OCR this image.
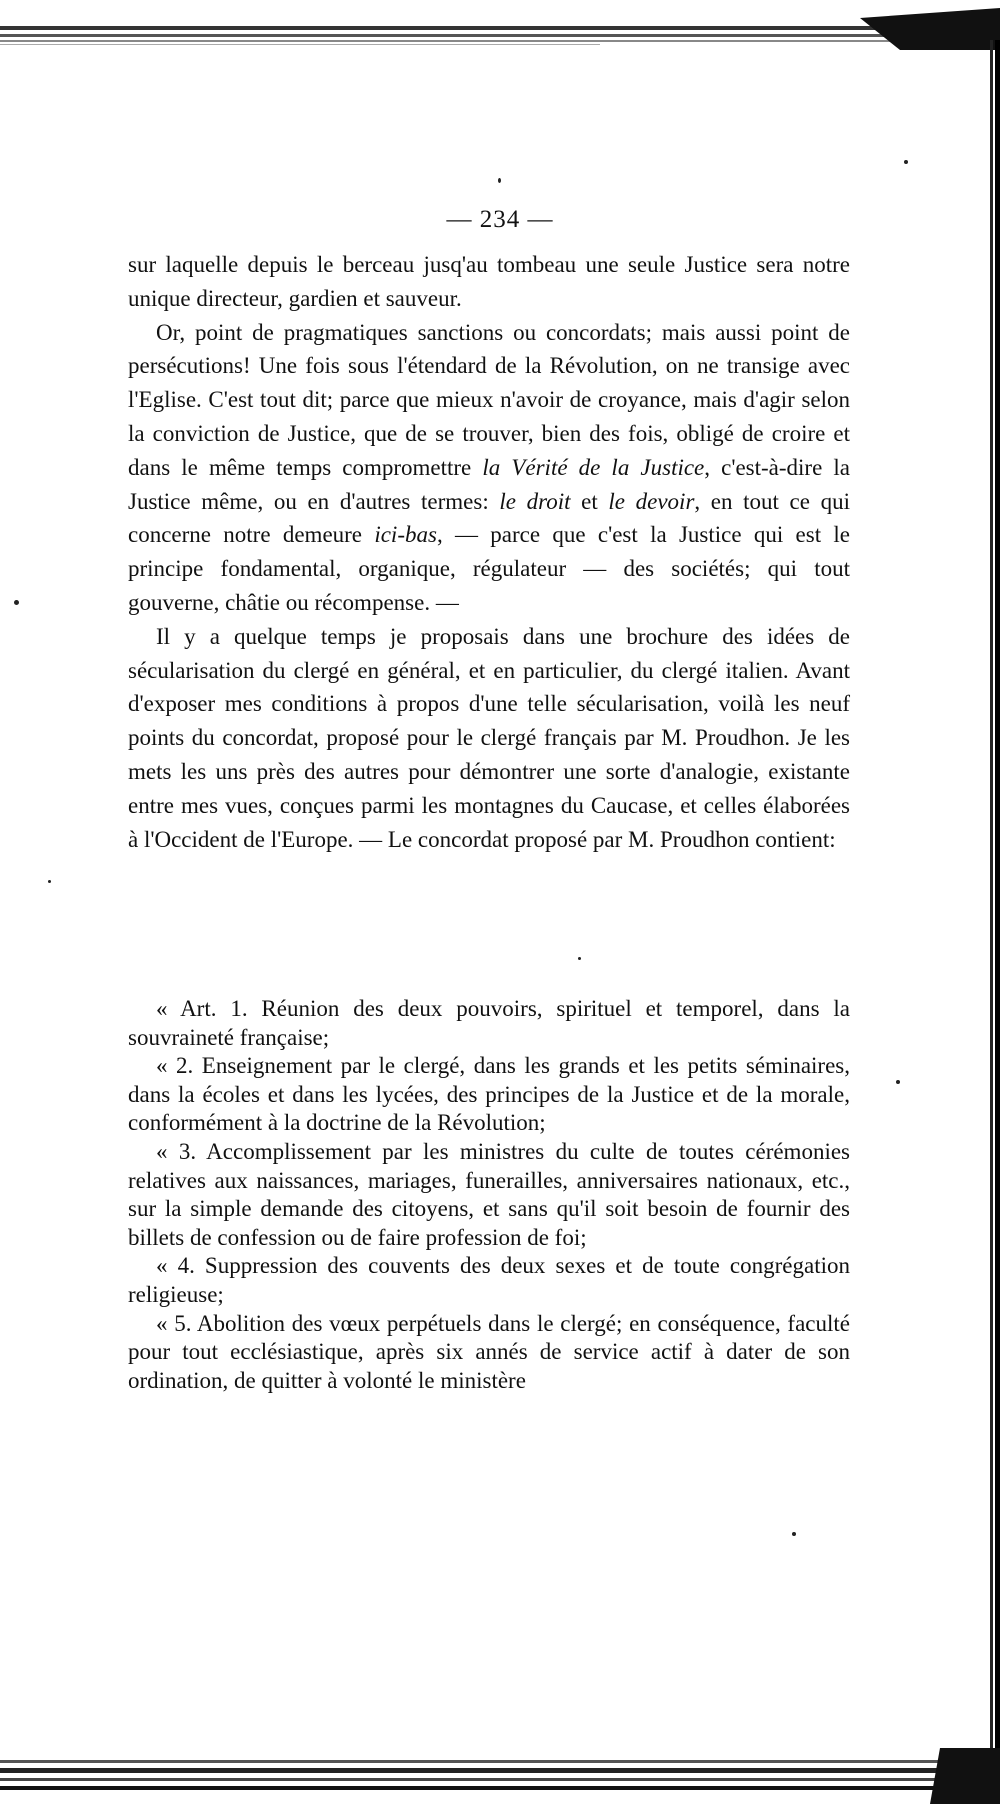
— 234 —

sur laquelle depuis le berceau jusq'au tombeau une seule Justice sera notre unique directeur, gardien et sauveur.

Or, point de pragmatiques sanctions ou concordats; mais aussi point de persécutions! Une fois sous l'étendard de la Révolution, on ne transige avec l'Eglise. C'est tout dit; parce que mieux n'avoir de croyance, mais d'agir selon la conviction de Justice, que de se trouver, bien des fois, obligé de croire et dans le même temps compromettre la Vérité de la Justice, c'est-à-dire la Justice même, ou en d'autres termes: le droit et le devoir, en tout ce qui concerne notre demeure ici-bas, — parce que c'est la Justice qui est le principe fondamental, organique, régulateur — des sociétés; qui tout gouverne, châtie ou récompense. —

Il y a quelque temps je proposais dans une brochure des idées de sécularisation du clergé en général, et en particulier, du clergé italien. Avant d'exposer mes conditions à propos d'une telle sécularisation, voilà les neuf points du concordat, proposé pour le clergé français par M. Proudhon. Je les mets les uns près des autres pour démontrer une sorte d'analogie, existante entre mes vues, conçues parmi les montagnes du Caucase, et celles élaborées à l'Occident de l'Europe. — Le concordat proposé par M. Proudhon contient:

« Art. 1. Réunion des deux pouvoirs, spirituel et temporel, dans la souvraineté française;

« 2. Enseignement par le clergé, dans les grands et les petits séminaires, dans la écoles et dans les lycées, des principes de la Justice et de la morale, conformément à la doctrine de la Révolution;

« 3. Accomplissement par les ministres du culte de toutes cérémonies relatives aux naissances, mariages, funerailles, anniversaires nationaux, etc., sur la simple demande des citoyens, et sans qu'il soit besoin de fournir des billets de confession ou de faire profession de foi;

« 4. Suppression des couvents des deux sexes et de toute congrégation religieuse;

« 5. Abolition des vœux perpétuels dans le clergé; en conséquence, faculté pour tout ecclésiastique, après six annés de service actif à dater de son ordination, de quitter à volonté le ministère
